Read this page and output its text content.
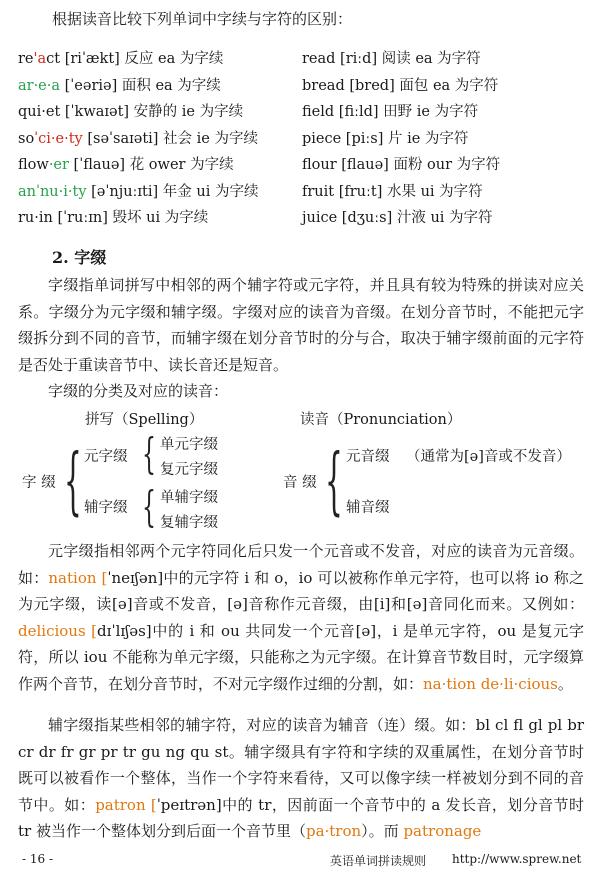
根据读音比较下列单词中字续与字符的区别：
re'act [riˈækt] 反应 ea 为字续	read [riːd] 阅读 ea 为字符
ar·e·a [ˈeəriə] 面积 ea 为字续	bread [bred] 面包 ea 为字符
qui·et [ˈkwaɪət] 安静的 ie 为字续	field [fiːld] 田野 ie 为字符
soˈci·e·ty [səˈsaɪəti] 社会 ie 为字续	piece [piːs] 片 ie 为字符
flow·er [ˈflauə] 花 ower 为字续	flour [flauə] 面粉 our 为字符
anˈnu·i·ty [əˈnjuːɪti] 年金 ui 为字续	fruit [fruːt] 水果 ui 为字符
ru·in [ˈruːɪn] 毁坏 ui 为字续	juice [dʒuːs] 汁液 ui 为字符
2. 字缀
字缀指单词拼写中相邻的两个辅字符或元字符，并且具有较为特殊的拼读对应关系。字缀分为元字缀和辅字缀。字缀对应的读音为音缀。在划分音节时，不能把元字缀拆分到不同的音节，而辅字缀在划分音节时的分与合，取决于辅字缀前面的元字符是否处于重读音节中、读长音还是短音。
字缀的分类及对应的读音：
拼写（Spelling）	读音（Pronunciation）
字 缀 { 元字缀
辅字缀
{ 单元字缀
复元字缀
{ 单辅字缀
复辅字缀
音 缀 { 元音缀 （通常为[ə]音或不发音）
辅音缀
元字缀指相邻两个元字符同化后只发一个元音或不发音，对应的读音为元音缀。如：nation [ˈneɪʃən]中的元字符 i 和 o，io 可以被称作单元字符，也可以将 io 称之为元字缀，读[ə]音或不发音，[ə]音称作元音缀，由[i]和[ə]音同化而来。又例如：delicious [dɪˈlɪʃəs]中的 i 和 ou 共同发一个元音[ə]，i 是单元字符，ou 是复元字符，所以 iou 不能称为单元字缀，只能称之为元字缀。在计算音节数目时，元字缀算作两个音节，在划分音节时，不对元字缀作过细的分割，如：na·tion de·li·cious。
辅字缀指某些相邻的辅字符，对应的读音为辅音（连）缀。如：bl cl fl gl pl br cr dr fr gr pr tr gu ng qu st。辅字缀具有字符和字续的双重属性，在划分音节时既可以被看作一个整体，当作一个字符来看待，又可以像字续一样被划分到不同的音节中。如：patron [ˈpeɪtrən]中的 tr，因前面一个音节中的 a 发长音，划分音节时 tr 被当作一个整体划分到后面一个音节里（pa·tron）。而 patronage
- 16 -	英语单词拼读规则 http://www.sprew.net
